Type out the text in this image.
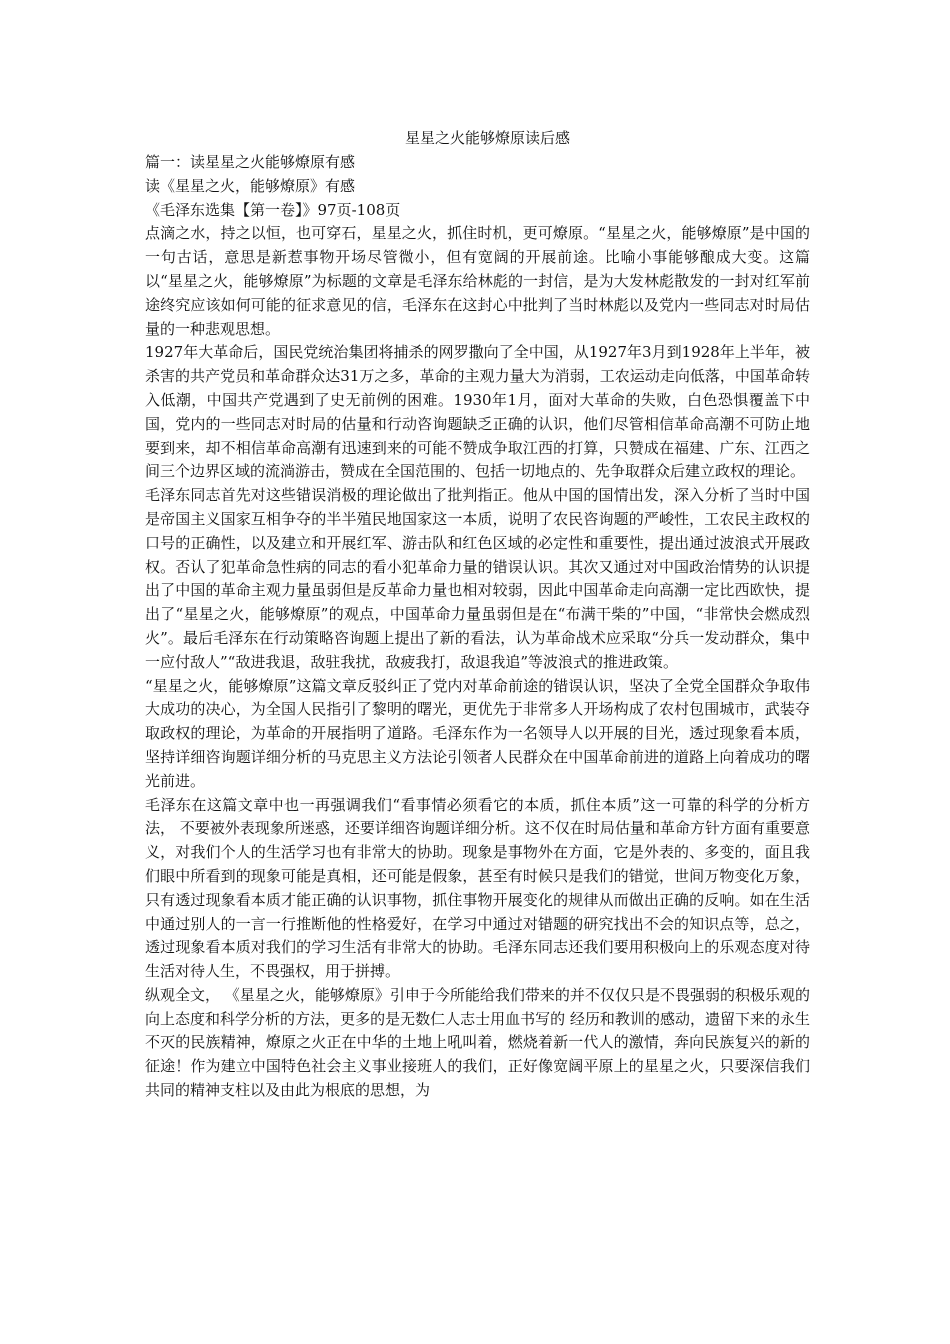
星星之火能够燎原读后感
篇一：读星星之火能够燎原有感
读《星星之火，能够燎原》有感
《毛泽东选集【第一卷】》97页-108页

点滴之水，持之以恒，也可穿石，星星之火，抓住时机，更可燎原。“星星之火，能够燎原”是中国的一句古话，意思是新惹事物开场尽管微小，但有宽阔的开展前途。比喻小事能够酿成大变。这篇以“星星之火，能够燎原”为标题的文章是毛泽东给林彪的一封信，是为大发林彪散发的一封对红军前途终究应该如何可能的征求意见的信，毛泽东在这封心中批判了当时林彪以及党内一些同志对时局估量的一种悲观思想。

1927年大革命后，国民党统治集团将捕杀的网罗撒向了全中国，从1927年3月到1928年上半年，被杀害的共产党员和革命群众达31万之多，革命的主观力量大为消弱，工农运动走向低落，中国革命转入低潮，中国共产党遇到了史无前例的困难。1930年1月，面对大革命的失败，白色恐惧覆盖下中国，党内的一些同志对时局的估量和行动咨询题缺乏正确的认识，他们尽管相信革命高潮不可防止地要到来，却不相信革命高潮有迅速到来的可能不赞成争取江西的打算，只赞成在福建、广东、江西之间三个边界区域的流淌游击，赞成在全国范围的、包括一切地点的、先争取群众后建立政权的理论。

毛泽东同志首先对这些错误消极的理论做出了批判指正。他从中国的国情出发，深入分析了当时中国是帝国主义国家互相争夺的半半殖民地国家这一本质，说明了农民咨询题的严峻性，工农民主政权的口号的正确性，以及建立和开展红军、游击队和红色区域的必定性和重要性，提出通过波浪式开展政权。否认了犯革命急性病的同志的看小犯革命力量的错误认识。其次又通过对中国政治情势的认识提出了中国的革命主观力量虽弱但是反革命力量也相对较弱，因此中国革命走向高潮一定比西欧快，提出了“星星之火，能够燎原”的观点，中国革命力量虽弱但是在“布满干柴的”中国，“非常快会燃成烈火”。最后毛泽东在行动策略咨询题上提出了新的看法，认为革命战术应采取“分兵一发动群众，集中一应付敌人”“敌进我退，敌驻我扰，敌疲我打，敌退我追”等波浪式的推进政策。

“星星之火，能够燎原”这篇文章反驳纠正了党内对革命前途的错误认识，坚决了全党全国群众争取伟大成功的决心，为全国人民指引了黎明的曙光，更优先于非常多人开场构成了农村包围城市，武装夺取政权的理论，为革命的开展指明了道路。毛泽东作为一名领导人以开展的目光，透过现象看本质，坚持详细咨询题详细分析的马克思主义方法论引领者人民群众在中国革命前进的道路上向着成功的曙光前进。

毛泽东在这篇文章中也一再强调我们“看事情必须看它的本质，抓住本质”这一可靠的科学的分析方法， 不要被外表现象所迷惑，还要详细咨询题详细分析。这不仅在时局估量和革命方针方面有重要意义，对我们个人的生活学习也有非常大的协助。现象是事物外在方面，它是外表的、多变的，面且我们眼中所看到的现象可能是真相，还可能是假象，甚至有时候只是我们的错觉，世间万物变化万象，只有透过现象看本质才能正确的认识事物，抓住事物开展变化的规律从而做出正确的反响。如在生活中通过别人的一言一行推断他的性格爱好，在学习中通过对错题的研究找出不会的知识点等，总之，透过现象看本质对我们的学习生活有非常大的协助。毛泽东同志还我们要用积极向上的乐观态度对待生活对待人生，不畏强权，用于拼搏。

纵观全文， 《星星之火，能够燎原》引申于今所能给我们带来的并不仅仅只是不畏强弱的积极乐观的向上态度和科学分析的方法，更多的是无数仁人志士用血书写的 经历和教训的感动，遗留下来的永生不灭的民族精神，燎原之火正在中华的土地上吼叫着，燃烧着新一代人的激情，奔向民族复兴的新的征途！作为建立中国特色社会主义事业接班人的我们，正好像宽阔平原上的星星之火，只要深信我们共同的精神支柱以及由此为根底的思想，为
